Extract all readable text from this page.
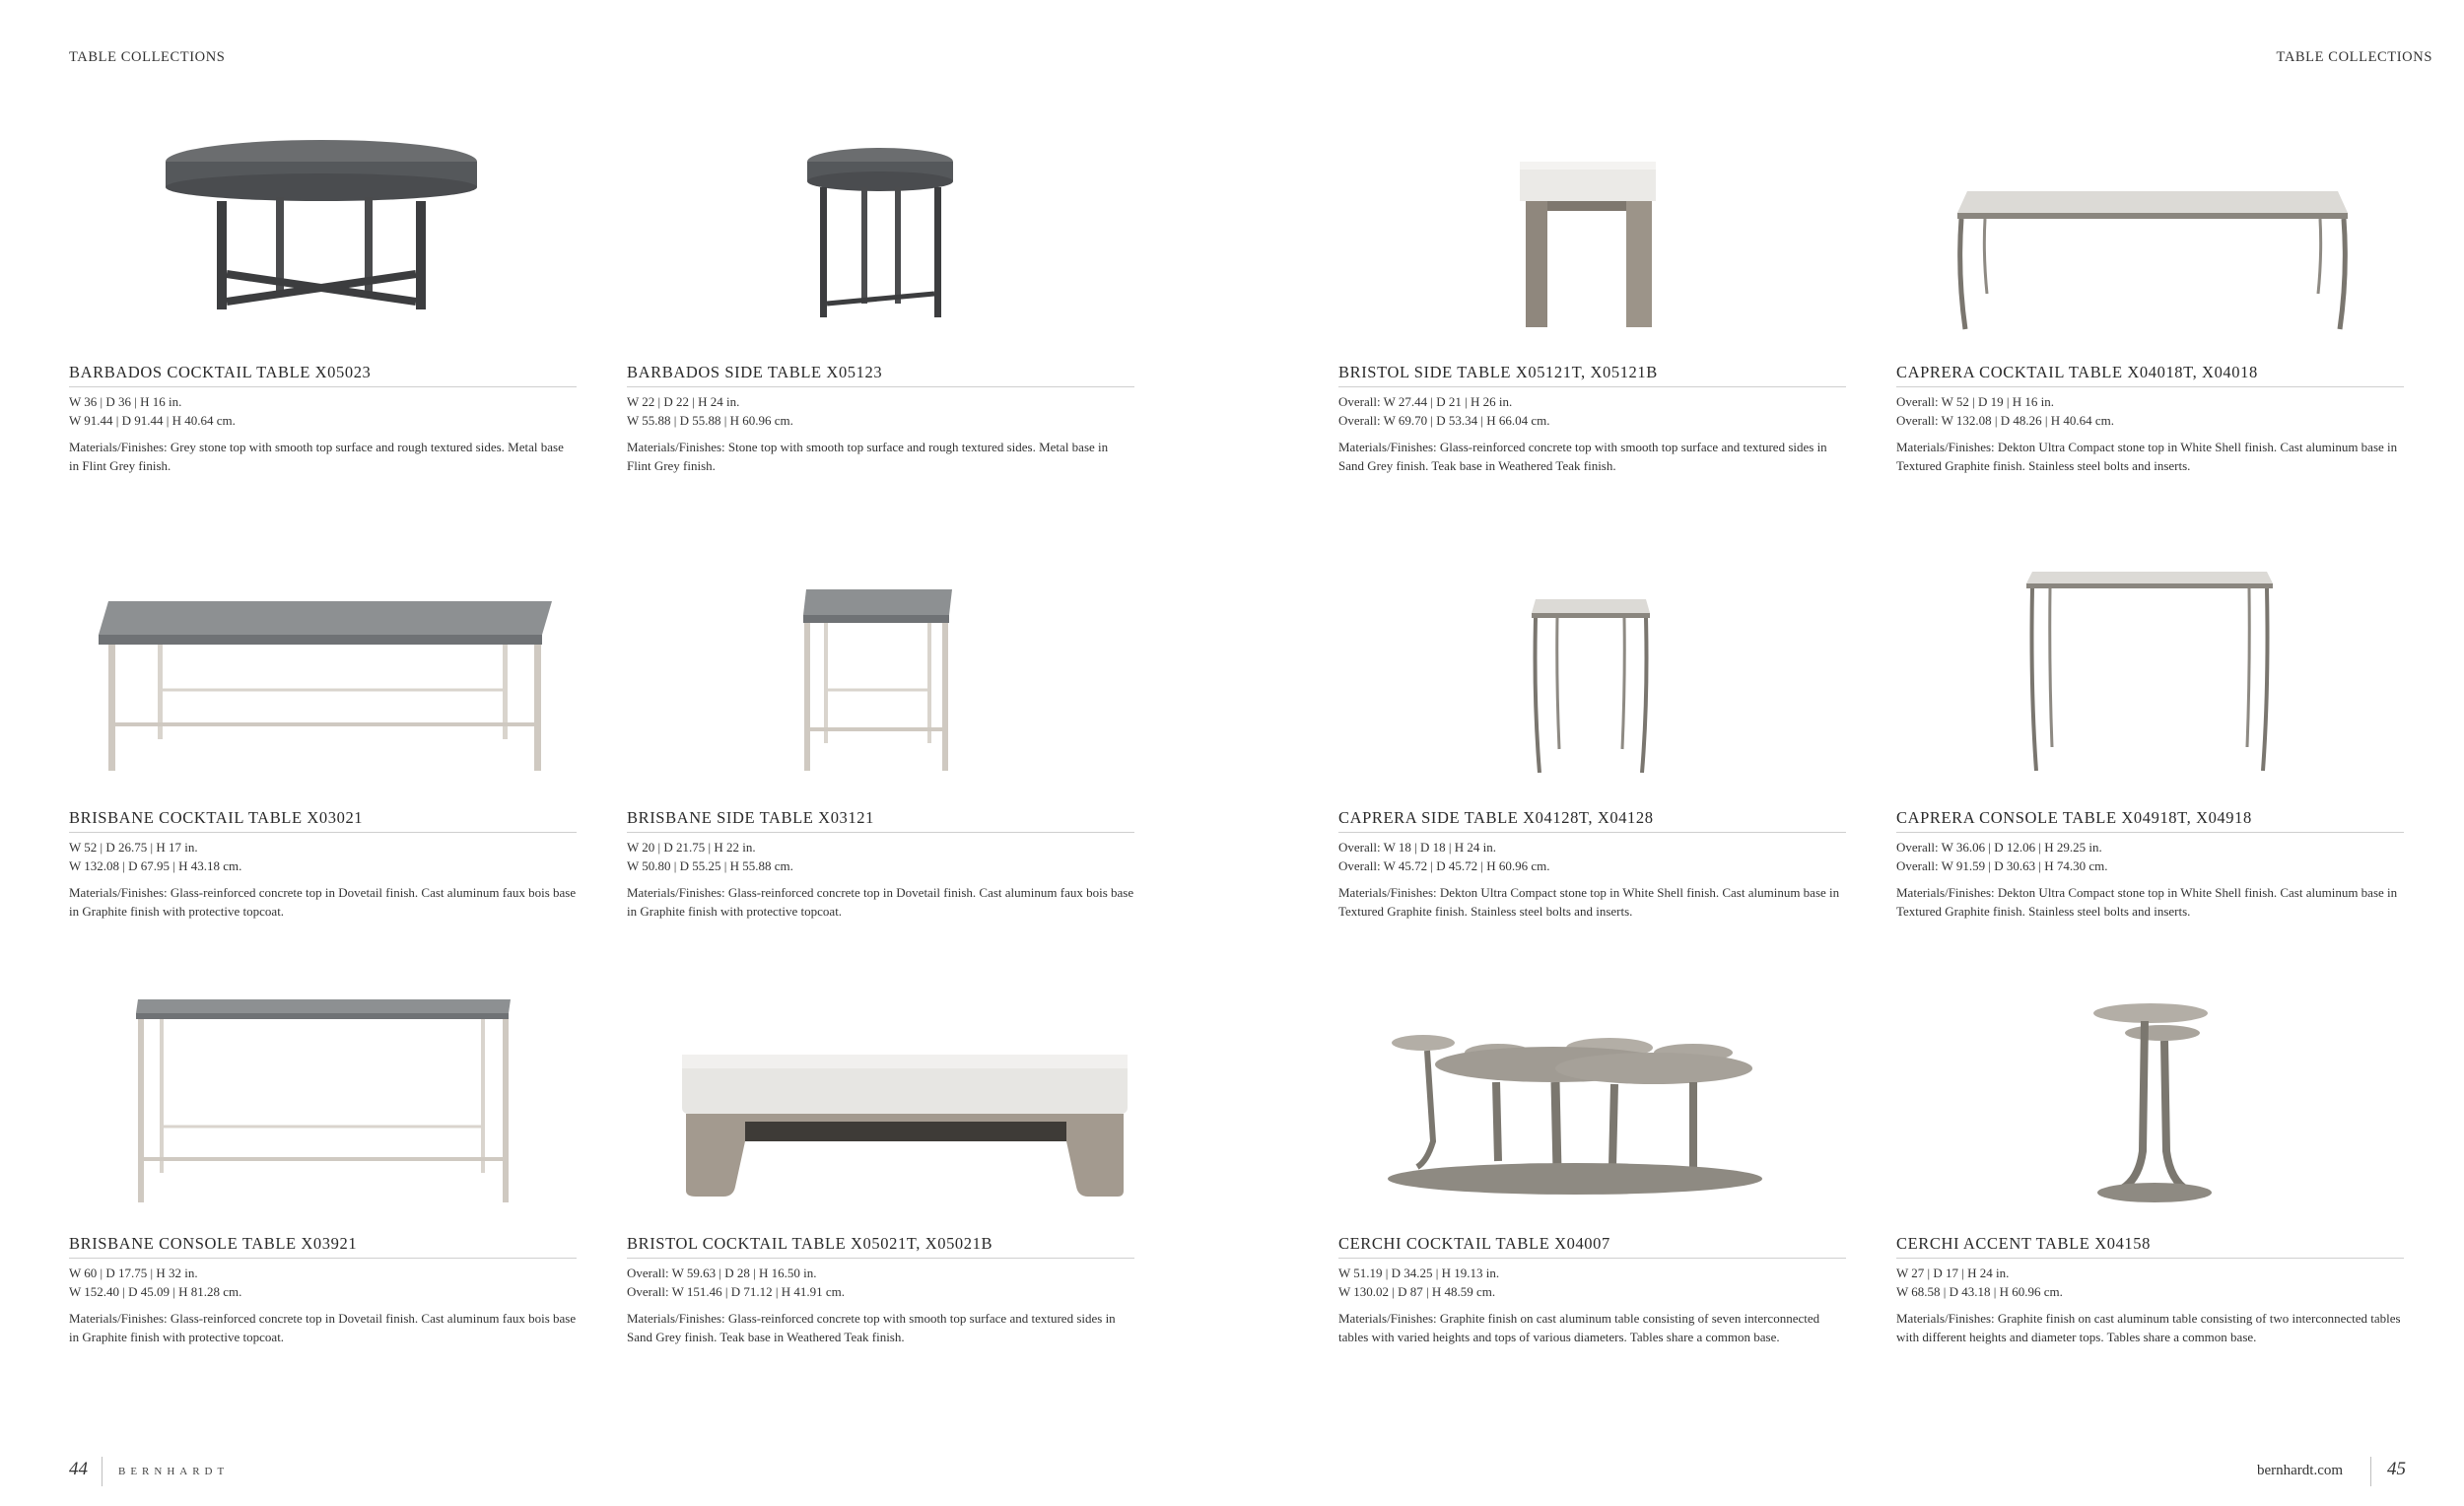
TABLE COLLECTIONS
BARBADOS COCKTAIL TABLE X05023
W 36 | D 36 | H 16 in.
W 91.44 | D 91.44 | H 40.64 cm.
Materials/Finishes: Grey stone top with smooth top surface and rough textured sides. Metal base in Flint Grey finish.
BARBADOS SIDE TABLE X05123
W 22 | D 22 | H 24 in.
W 55.88 | D 55.88 | H 60.96 cm.
Materials/Finishes: Stone top with smooth top surface and rough textured sides. Metal base in Flint Grey finish.
BRISBANE COCKTAIL TABLE X03021
W 52 | D 26.75 | H 17 in.
W 132.08 | D 67.95 | H 43.18 cm.
Materials/Finishes: Glass-reinforced concrete top in Dovetail finish. Cast aluminum faux bois base in Graphite finish with protective topcoat.
BRISBANE SIDE TABLE X03121
W 20 | D 21.75 | H 22 in.
W 50.80 | D 55.25 | H 55.88 cm.
Materials/Finishes: Glass-reinforced concrete top in Dovetail finish. Cast aluminum faux bois base in Graphite finish with protective topcoat.
BRISBANE CONSOLE TABLE X03921
W 60 | D 17.75 | H 32 in.
W 152.40 | D 45.09 | H 81.28 cm.
Materials/Finishes: Glass-reinforced concrete top in Dovetail finish. Cast aluminum faux bois base in Graphite finish with protective topcoat.
BRISTOL COCKTAIL TABLE X05021T, X05021B
Overall: W 59.63 | D 28 | H 16.50 in.
Overall: W 151.46 | D 71.12 | H 41.91 cm.
Materials/Finishes: Glass-reinforced concrete top with smooth top surface and textured sides in Sand Grey finish. Teak base in Weathered Teak finish.
44	BERNHARDT
TABLE COLLECTIONS
BRISTOL SIDE TABLE X05121T, X05121B
Overall: W 27.44 | D 21 | H 26 in.
Overall: W 69.70 | D 53.34 | H 66.04 cm.
Materials/Finishes: Glass-reinforced concrete top with smooth top surface and textured sides in Sand Grey finish. Teak base in Weathered Teak finish.
CAPRERA COCKTAIL TABLE X04018T, X04018
Overall: W 52 | D 19 | H 16 in.
Overall: W 132.08 | D 48.26 | H 40.64 cm.
Materials/Finishes: Dekton Ultra Compact stone top in White Shell finish. Cast aluminum base in Textured Graphite finish. Stainless steel bolts and inserts.
CAPRERA SIDE TABLE X04128T, X04128
Overall: W 18 | D 18 | H 24 in.
Overall: W 45.72 | D 45.72 | H 60.96 cm.
Materials/Finishes: Dekton Ultra Compact stone top in White Shell finish. Cast aluminum base in Textured Graphite finish. Stainless steel bolts and inserts.
CAPRERA CONSOLE TABLE X04918T, X04918
Overall: W 36.06 | D 12.06 | H 29.25 in.
Overall: W 91.59 | D 30.63 | H 74.30 cm.
Materials/Finishes: Dekton Ultra Compact stone top in White Shell finish. Cast aluminum base in Textured Graphite finish. Stainless steel bolts and inserts.
CERCHI COCKTAIL TABLE X04007
W 51.19 | D 34.25 | H 19.13 in.
W 130.02 | D 87 | H 48.59 cm.
Materials/Finishes: Graphite finish on cast aluminum table consisting of seven interconnected tables with varied heights and tops of various diameters. Tables share a common base.
CERCHI ACCENT TABLE X04158
W 27 | D 17 | H 24 in.
W 68.58 | D 43.18 | H 60.96 cm.
Materials/Finishes: Graphite finish on cast aluminum table consisting of two interconnected tables with different heights and diameter tops. Tables share a common base.
bernhardt.com 45
